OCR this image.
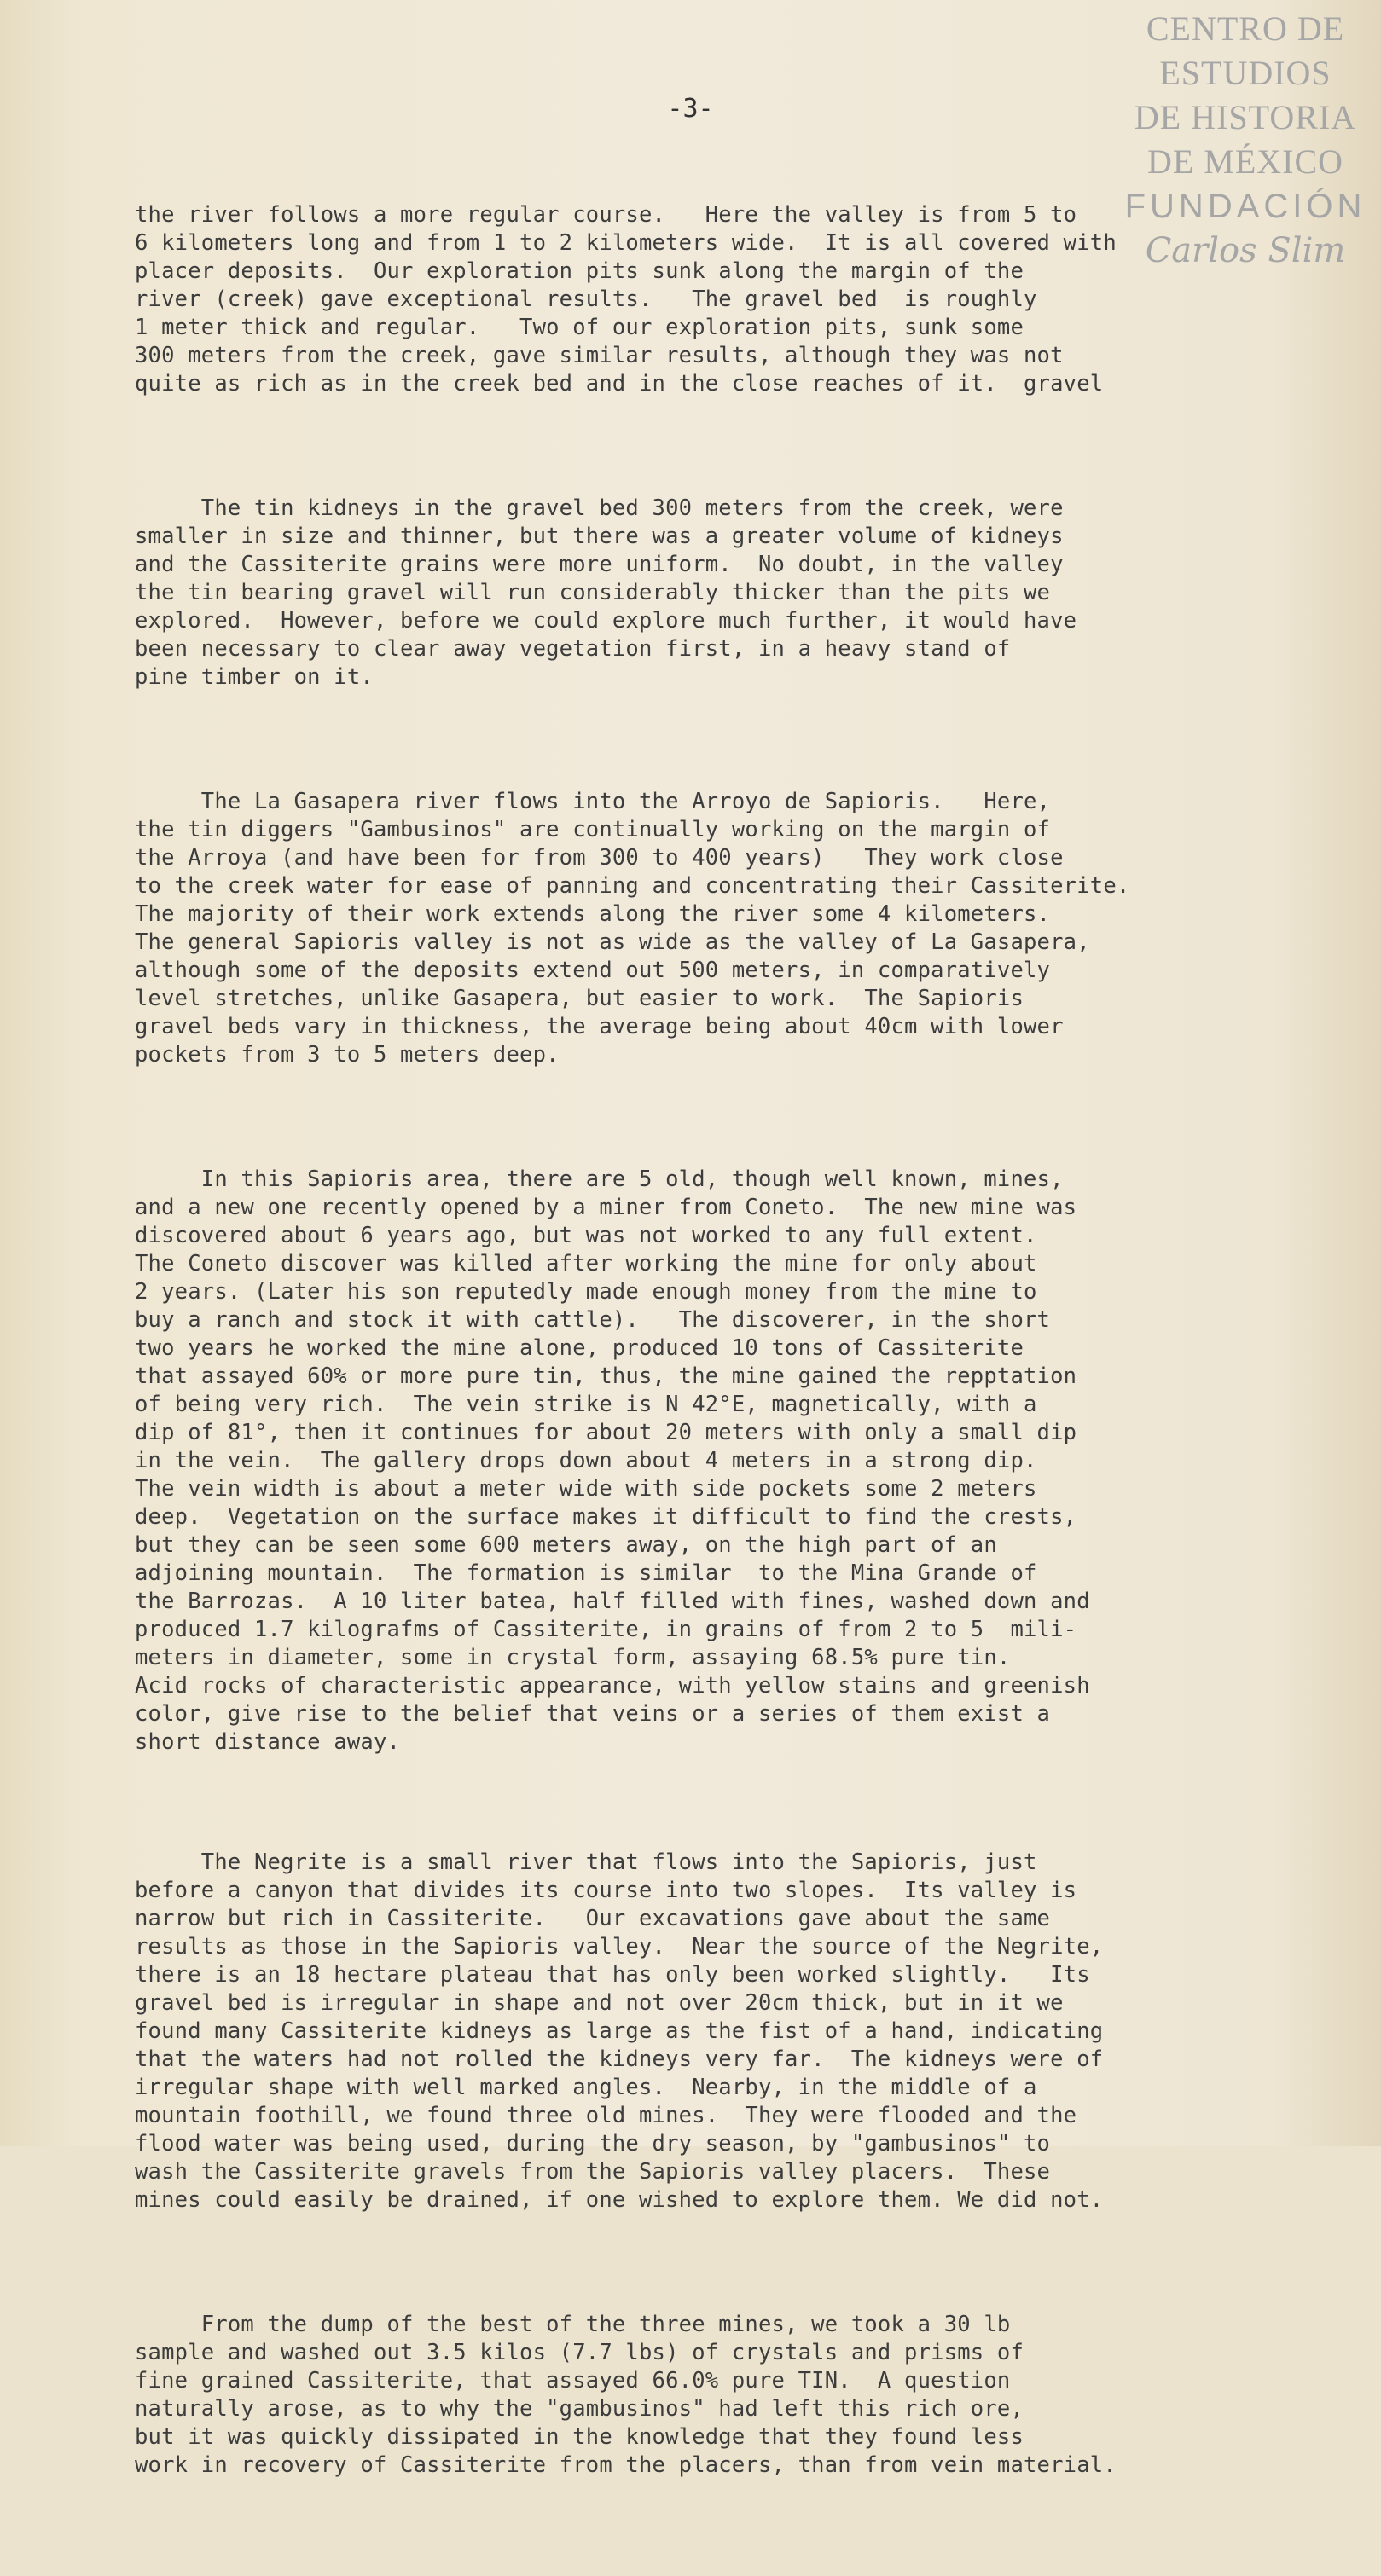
CENTRO DE
ESTUDIOS
DE HISTORIA
DE MÉXICO
FUNDACIÓN
Carlos Slim
-3-

the river follows a more regular course.   Here the valley is from 5 to
6 kilometers long and from 1 to 2 kilometers wide.  It is all covered with
placer deposits.  Our exploration pits sunk along the margin of the
river (creek) gave exceptional results.   The gravel bed  is roughly
1 meter thick and regular.   Two of our exploration pits, sunk some
300 meters from the creek, gave similar results, although they was not
quite as rich as in the creek bed and in the close reaches of it.  gravel

The tin kidneys in the gravel bed 300 meters from the creek, were
smaller in size and thinner, but there was a greater volume of kidneys
and the Cassiterite grains were more uniform.  No doubt, in the valley
the tin bearing gravel will run considerably thicker than the pits we
explored.  However, before we could explore much further, it would have
been necessary to clear away vegetation first, in a heavy stand of
pine timber on it.

The La Gasapera river flows into the Arroyo de Sapioris.   Here,
the tin diggers "Gambusinos" are continually working on the margin of
the Arroya (and have been for from 300 to 400 years)   They work close
to the creek water for ease of panning and concentrating their Cassiterite.
The majority of their work extends along the river some 4 kilometers.
The general Sapioris valley is not as wide as the valley of La Gasapera,
although some of the deposits extend out 500 meters, in comparatively
level stretches, unlike Gasapera, but easier to work.  The Sapioris
gravel beds vary in thickness, the average being about 40cm with lower
pockets from 3 to 5 meters deep.

In this Sapioris area, there are 5 old, though well known, mines,
and a new one recently opened by a miner from Coneto.  The new mine was
discovered about 6 years ago, but was not worked to any full extent.
The Coneto discover was killed after working the mine for only about
2 years. (Later his son reputedly made enough money from the mine to
buy a ranch and stock it with cattle).   The discoverer, in the short
two years he worked the mine alone, produced 10 tons of Cassiterite
that assayed 60% or more pure tin, thus, the mine gained the repptation
of being very rich.  The vein strike is N 42°E, magnetically, with a
dip of 81°, then it continues for about 20 meters with only a small dip
in the vein.  The gallery drops down about 4 meters in a strong dip.
The vein width is about a meter wide with side pockets some 2 meters
deep.  Vegetation on the surface makes it difficult to find the crests,
but they can be seen some 600 meters away, on the high part of an
adjoining mountain.  The formation is similar  to the Mina Grande of
the Barrozas.  A 10 liter batea, half filled with fines, washed down and
produced 1.7 kilografms of Cassiterite, in grains of from 2 to 5  mili-
meters in diameter, some in crystal form, assaying 68.5% pure tin.
Acid rocks of characteristic appearance, with yellow stains and greenish
color, give rise to the belief that veins or a series of them exist a
short distance away.

The Negrite is a small river that flows into the Sapioris, just
before a canyon that divides its course into two slopes.  Its valley is
narrow but rich in Cassiterite.   Our excavations gave about the same
results as those in the Sapioris valley.  Near the source of the Negrite,
there is an 18 hectare plateau that has only been worked slightly.   Its
gravel bed is irregular in shape and not over 20cm thick, but in it we
found many Cassiterite kidneys as large as the fist of a hand, indicating
that the waters had not rolled the kidneys very far.  The kidneys were of
irregular shape with well marked angles.  Nearby, in the middle of a
mountain foothill, we found three old mines.  They were flooded and the
flood water was being used, during the dry season, by "gambusinos" to
wash the Cassiterite gravels from the Sapioris valley placers.  These
mines could easily be drained, if one wished to explore them. We did not.

From the dump of the best of the three mines, we took a 30 lb
sample and washed out 3.5 kilos (7.7 lbs) of crystals and prisms of
fine grained Cassiterite, that assayed 66.0% pure TIN.  A question
naturally arose, as to why the "gambusinos" had left this rich ore,
but it was quickly dissipated in the knowledge that they found less
work in recovery of Cassiterite from the placers, than from vein material.
